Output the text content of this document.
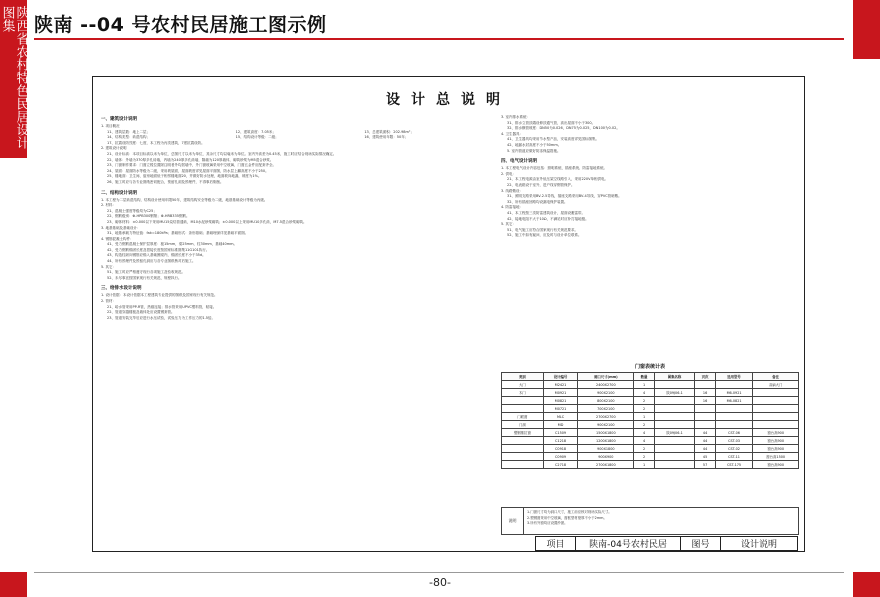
陕西省农村特色民居设计图集	陕南 --04 号农村民居施工图示例
设计总说明
一、建筑设计说明
1. 项目概况
11、建筑层数：地上二层；	12、建筑高度：7.05米；	13、总建筑面积：202.98m²；
14、结构类型：砖混结构；	15、结构设计等级：二级；	16、建筑使用年限：50年；
17、抗震设防烈度：七度，本工程为丙类建筑，7度抗震设防。
2. 建筑设计说明
21、设计标高：本项目标高以米为单位，总图尺寸以米为单位，其余尺寸均以毫米为单位。室内外高差为0.45米，施工时应结合现场实际情况确定。
22、墙体：外墙为370厚多孔砖墙，内墙为240厚多孔砖墙，隔墙为120厚墙体，砌筑砂浆为M5混合砂浆。
23、门窗制作要求：门窗立樘位置除注明者外均居墙中，外门窗玻璃采用中空玻璃，门窗五金件应配套齐全。
24、屋面：屋面防水等级为二级，采用坡屋面，屋面坡度详见屋面平面图，防水层上翻高度不小于250。
25、楼地面：卫生间、厨房地面低于相邻楼地面20，并做好防水处理，地面坡向地漏，坡度为1%。
26、施工时应与各专业图纸密切配合，预留孔洞及预埋件，不得事后剔凿。
二、结构设计说明
1. 本工程为二层砖混结构，结构设计使用年限50年，建筑结构安全等级为二级，地基基础设计等级为丙级。
2. 材料：
21、混凝土强度等级均为C25；
22、钢筋级别：Φ-HPB300钢筋；Φ-HRB335钢筋。
23、砌体材料：±0.000以下采用MU15烧结普通砖，M10水泥砂浆砌筑；±0.000以上采用MU10多孔砖，M7.5混合砂浆砌筑。
3. 地基基础及基础设计：
31、地基承载力特征值：fak=180kPa；基础形式：条形基础；基础埋深详见基础平面图。
4. 钢筋混凝土构件：
41、受力钢筋混凝土保护层厚度：板15mm，梁25mm，柱30mm，基础40mm。
42、受力钢筋锚固长度及搭接长度按国家标准图集11G101执行。
43、构造柱纵向钢筋应锚入基础圈梁内，锚固长度不小于35d。
44、所有预埋件及预留孔洞应与各专业图纸核对后施工。
5. 其它：
51、施工时应严格遵守现行各项施工及验收规范。
52、未尽事宜按国家现行有关规范、规程执行。
三、给排水设计说明
1. 设计依据：本设计依据本工程建筑专业提供的图纸及国家现行有关规范。
2. 管材：
21、给水管采用PP-R管，热熔连接；排水管采用UPVC塑料管，粘接。
22、管道穿越楼板及墙体处应设置钢套管。
23、管道安装完毕后应进行水压试验，试验压力为工作压力的1.5倍。
3. 室内排水系统：
31、排水立管顶端设伸顶通气管，高出屋面不小于300。
32、排水横管坡度：DN50为0.026，DN75为0.025，DN100为0.02。
4. 卫生器具：
41、卫生器具均采用节水型产品，安装高度详见国标图集。
42、地漏水封高度不小于50mm。
5. 室内管道应做好防冻保温措施。
四、电气设计说明
1. 本工程电气设计内容包括：照明系统、插座系统、防雷接地系统。
2. 供电：
21、本工程电源由室外低压架空线路引入，采用220V单相供电。
22、电表箱设于室外，进户线穿钢管保护。
3. 线路敷设：
31、照明支路采用BV-2.5导线，插座支路采用BV-4导线，穿PVC管暗敷。
32、所有插座回路均设漏电保护装置。
4. 防雷接地：
41、本工程按三类防雷建筑设计，屋面设避雷带。
42、接地电阻不大于10Ω，不满足时应补打接地极。
5. 其它：
51、电气施工应符合国家现行有关规范要求。
52、施工中如有疑问，应及时与设计单位联系。
门窗表统计表
类别	设计编号	洞口尺寸(mm)	数量	图集名称	页次	选用型号	备注
大门	M2421	2400X2700	1				双扇大门
木门	M0921	900X2100	4	陕09J06-1	16	M6-0921	
	M0821	800X2100	2		16	M6-0821	
	M0721	700X2100	2				
门联窗	MLC	2700X2700	1				
门洞	MD	900X2100	2				
塑钢推拉窗	C1509	1500X1800	4	陕09J06-1	44	CST-06	窗台高900
	C1218	1200X1800	4		44	CST-03	窗台高900
	C0918	900X1800	2		44	CST-02	窗台高900
	C0909	900X900	2		45	CST-11	窗台高1500
	C2718	2700X1800	1		57	CST-175	窗台高900
说明
1.门窗尺寸均为洞口尺寸，施工前应核对现场实际尺寸。
2.塑钢窗采用中空玻璃，窗框型材壁厚不小于2mm。
3.所有外窗均应设置纱窗。
项目	陕南-04号农村民居	图号	设计说明
-80-
